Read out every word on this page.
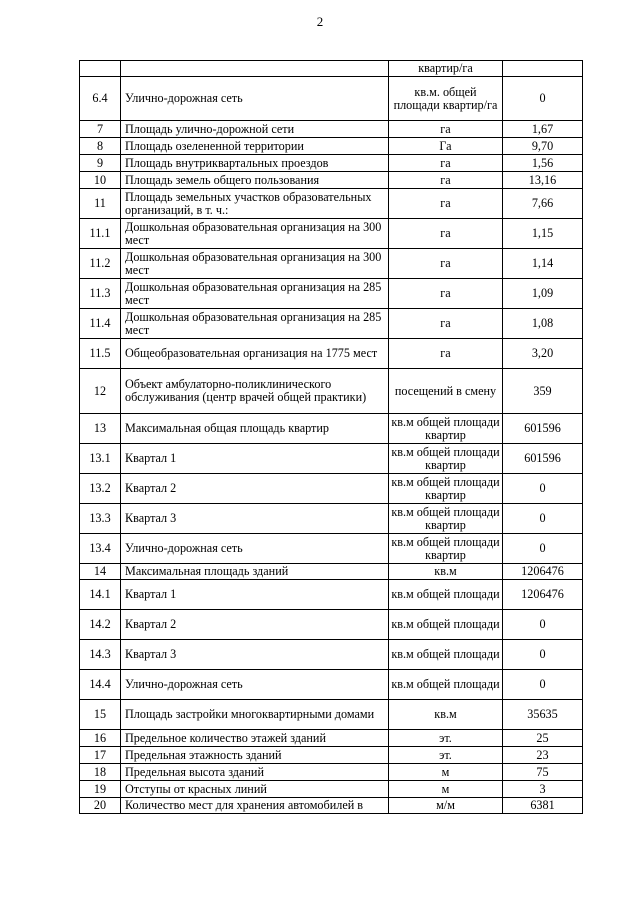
2
		квартир/га	
6.4	Улично-дорожная сеть	кв.м. общей площади квартир/га	0
7	Площадь улично-дорожной сети	га	1,67
8	Площадь озелененной территории	Га	9,70
9	Площадь внутриквартальных проездов	га	1,56
10	Площадь земель общего пользования	га	13,16
11	Площадь земельных участков образовательных организаций, в т. ч.:	га	7,66
11.1	Дошкольная образовательная организация на 300 мест	га	1,15
11.2	Дошкольная образовательная организация на 300 мест	га	1,14
11.3	Дошкольная образовательная организация на 285 мест	га	1,09
11.4	Дошкольная образовательная организация на 285 мест	га	1,08
11.5	Общеобразовательная организация на 1775 мест	га	3,20
12	Объект амбулаторно-поликлинического обслуживания (центр врачей общей практики)	посещений в смену	359
13	Максимальная общая площадь квартир	кв.м общей площади квартир	601596
13.1	Квартал 1	кв.м общей площади квартир	601596
13.2	Квартал 2	кв.м общей площади квартир	0
13.3	Квартал 3	кв.м общей площади квартир	0
13.4	Улично-дорожная сеть	кв.м общей площади квартир	0
14	Максимальная площадь зданий	кв.м	1206476
14.1	Квартал 1	кв.м общей площади	1206476
14.2	Квартал 2	кв.м общей площади	0
14.3	Квартал 3	кв.м общей площади	0
14.4	Улично-дорожная сеть	кв.м общей площади	0
15	Площадь застройки многоквартирными домами	кв.м	35635
16	Предельное количество этажей зданий	эт.	25
17	Предельная этажность зданий	эт.	23
18	Предельная высота зданий	м	75
19	Отступы от красных линий	м	3
20	Количество мест для хранения автомобилей в	м/м	6381
